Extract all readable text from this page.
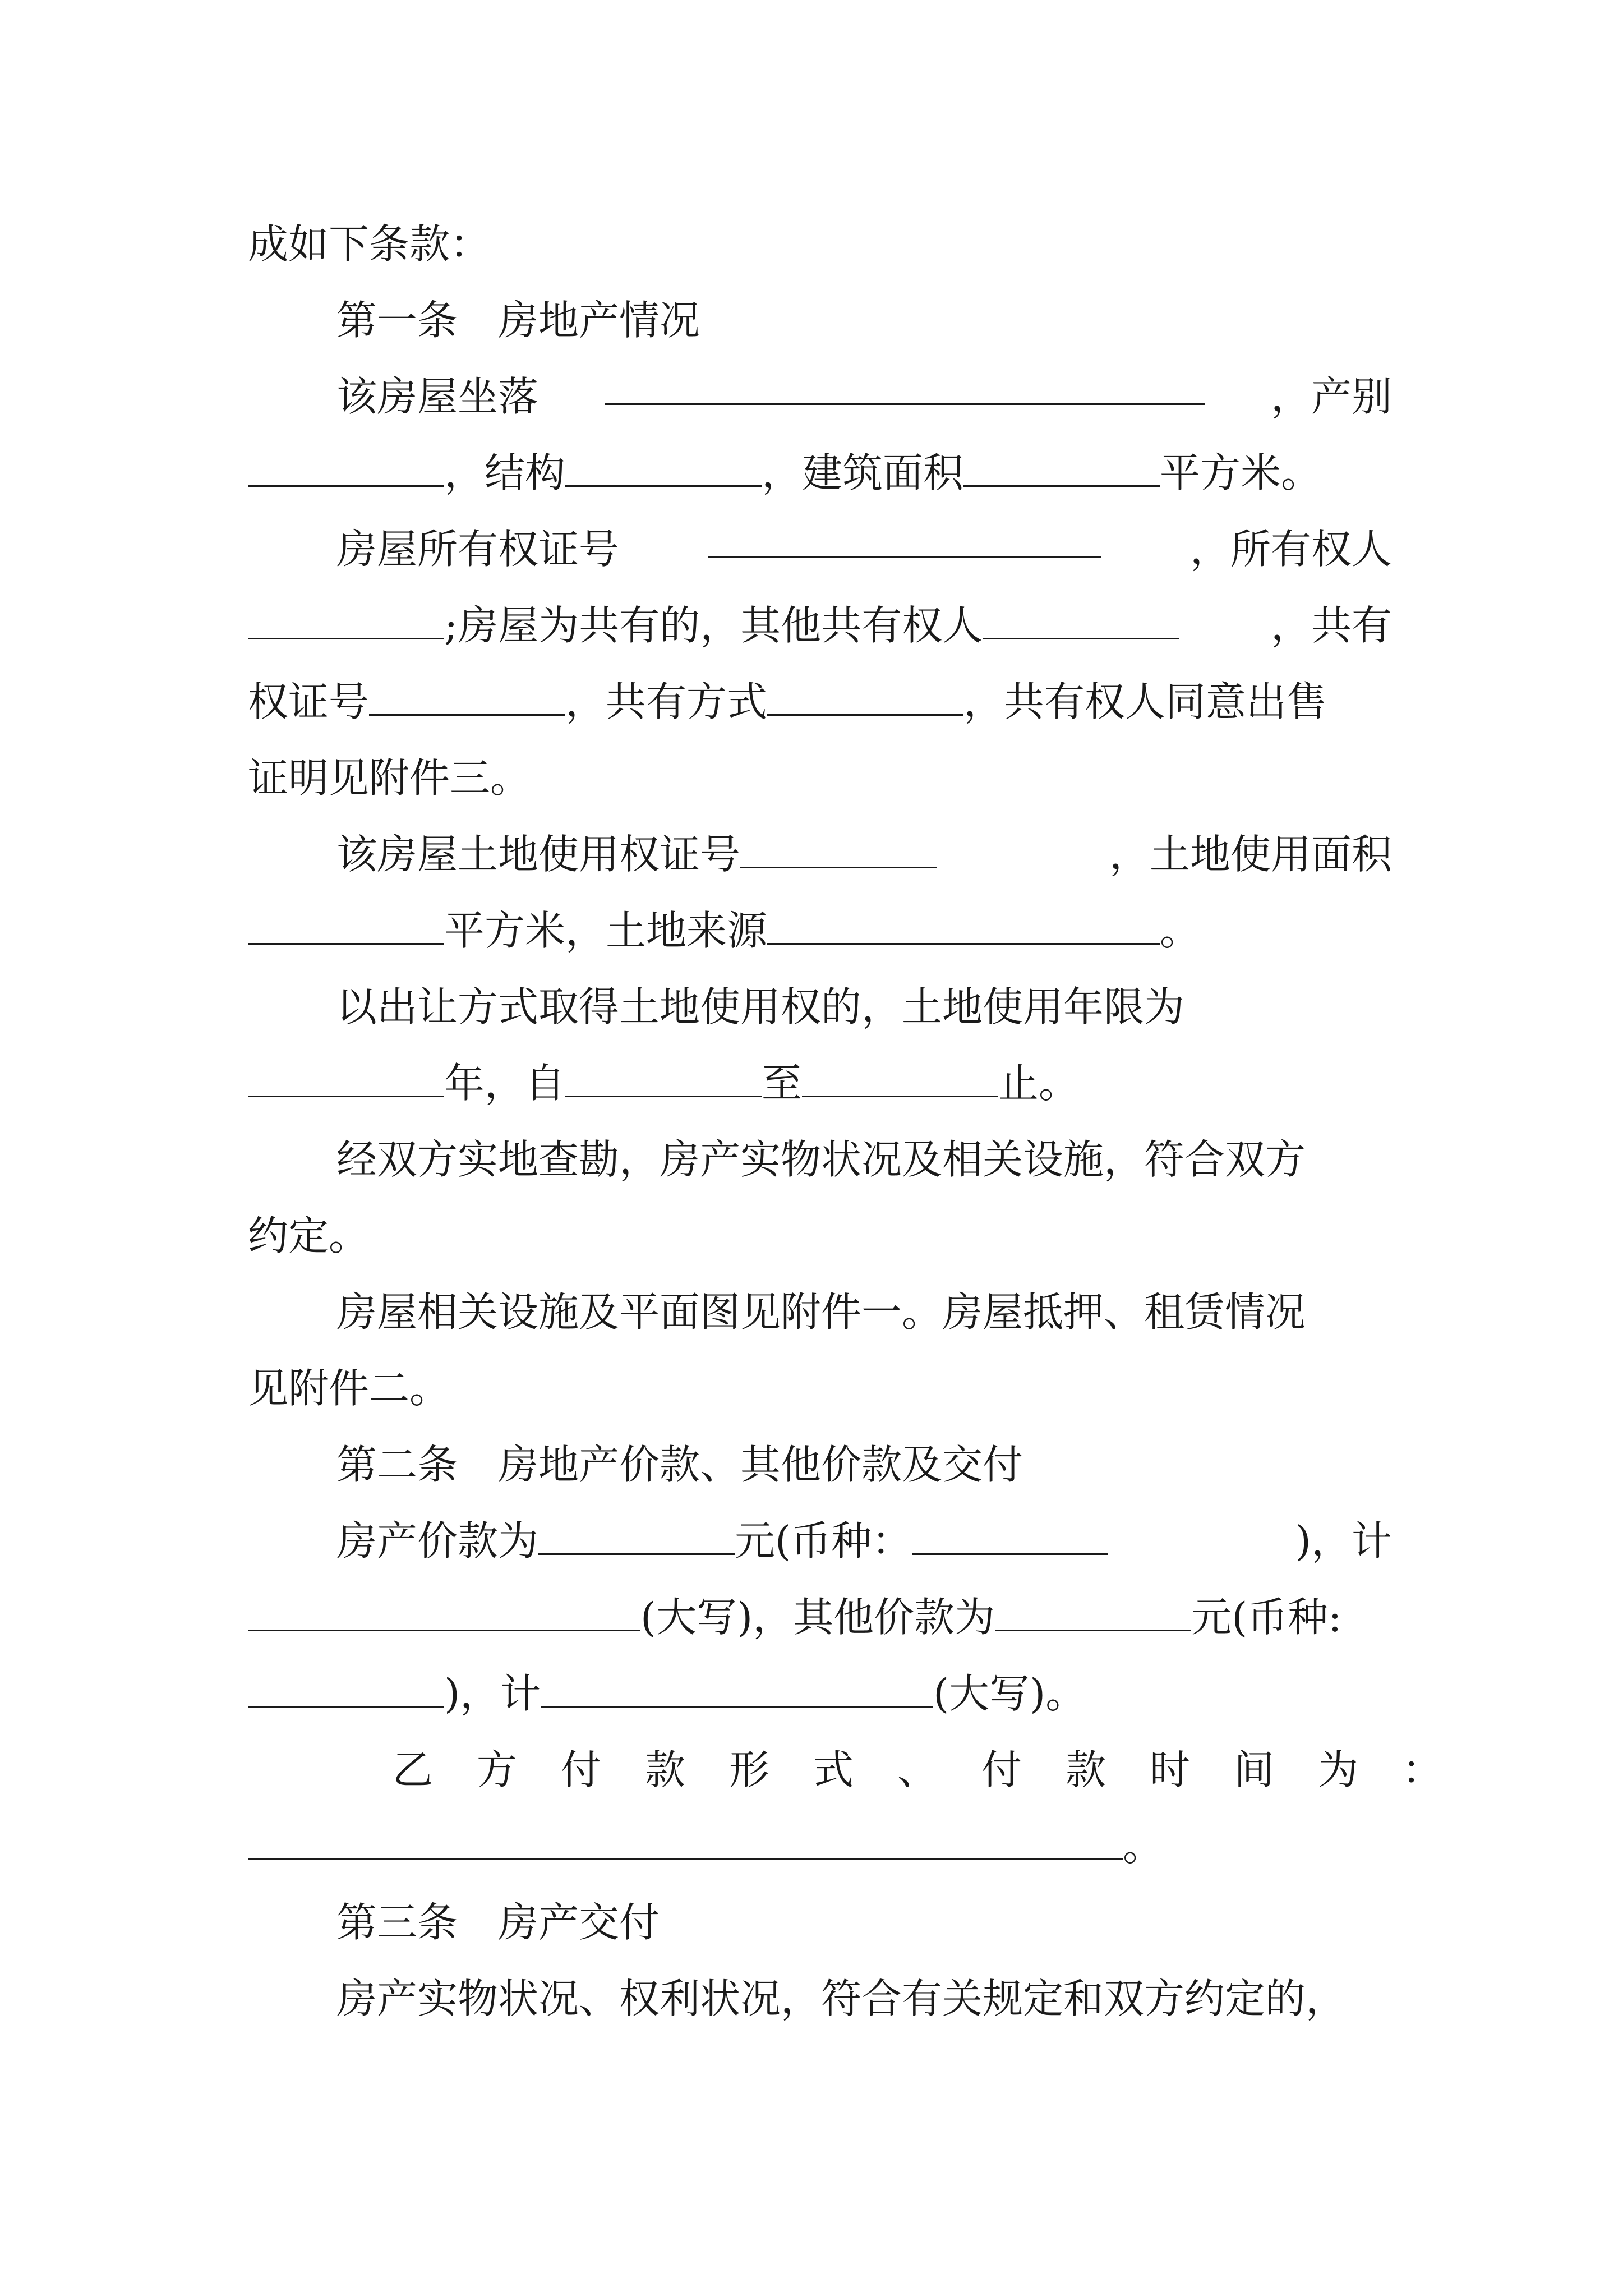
成如下条款：
第一条　房地产情况
该房屋坐落	，产别
，结构	，建筑面积	平方米。
房屋所有权证号	，所有权人
;房屋为共有的，其他共有权人	，共有
权证号	，共有方式	，共有权人同意出售
证明见附件三。
该房屋土地使用权证号	，土地使用面积
平方米，土地来源	。
以出让方式取得土地使用权的，土地使用年限为
年，自	至	止。
经双方实地查勘，房产实物状况及相关设施，符合双方
约定。
房屋相关设施及平面图见附件一。房屋抵押、租赁情况
见附件二。
第二条　房地产价款、其他价款及交付
房产价款为	元(币种：	)，计
(大写)，其他价款为	元(币种:
)，计	(大写)。
乙方付款形式、付款时间为：
。
第三条　房产交付
房产实物状况、权利状况，符合有关规定和双方约定的，
